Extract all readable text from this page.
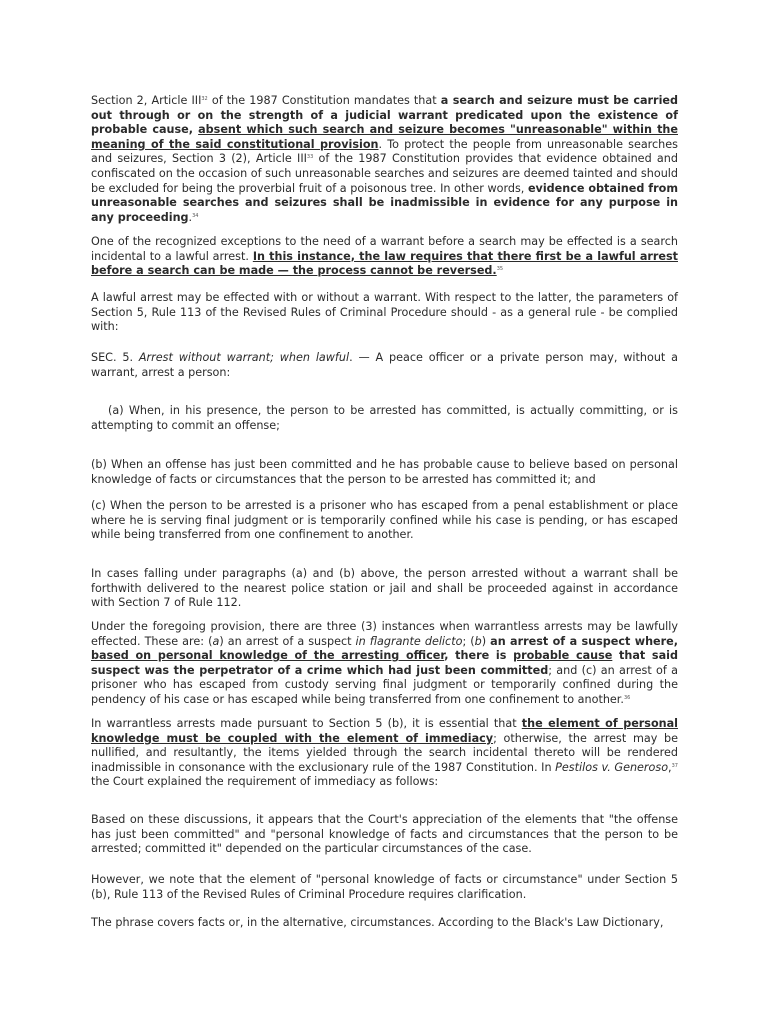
Section 2, Article III$^{32}$ of the 1987 Constitution mandates that a search and seizure must be carried out through or on the strength of a judicial warrant predicated upon the existence of probable cause, absent which such search and seizure becomes "unreasonable" within the meaning of the said constitutional provision. To protect the people from unreasonable searches and seizures, Section 3 (2), Article III$^{33}$ of the 1987 Constitution provides that evidence obtained and confiscated on the occasion of such unreasonable searches and seizures are deemed tainted and should be excluded for being the proverbial fruit of a poisonous tree. In other words, evidence obtained from unreasonable searches and seizures shall be inadmissible in evidence for any purpose in any proceeding.$^{34}$

One of the recognized exceptions to the need of a warrant before a search may be effected is a search incidental to a lawful arrest. In this instance, the law requires that there first be a lawful arrest before a search can be made — the process cannot be reversed.$^{35}$

A lawful arrest may be effected with or without a warrant. With respect to the latter, the parameters of Section 5, Rule 113 of the Revised Rules of Criminal Procedure should - as a general rule - be complied with:

SEC. 5. Arrest without warrant; when lawful. — A peace officer or a private person may, without a warrant, arrest a person:

(a) When, in his presence, the person to be arrested has committed, is actually committing, or is attempting to commit an offense;

(b) When an offense has just been committed and he has probable cause to believe based on personal knowledge of facts or circumstances that the person to be arrested has committed it; and

(c) When the person to be arrested is a prisoner who has escaped from a penal establishment or place where he is serving final judgment or is temporarily confined while his case is pending, or has escaped while being transferred from one confinement to another.

In cases falling under paragraphs (a) and (b) above, the person arrested without a warrant shall be forthwith delivered to the nearest police station or jail and shall be proceeded against in accordance with Section 7 of Rule 112.

Under the foregoing provision, there are three (3) instances when warrantless arrests may be lawfully effected. These are: (a) an arrest of a suspect in flagrante delicto; (b) an arrest of a suspect where, based on personal knowledge of the arresting officer, there is probable cause that said suspect was the perpetrator of a crime which had just been committed; and (c) an arrest of a prisoner who has escaped from custody serving final judgment or temporarily confined during the pendency of his case or has escaped while being transferred from one confinement to another.$^{36}$

In warrantless arrests made pursuant to Section 5 (b), it is essential that the element of personal knowledge must be coupled with the element of immediacy; otherwise, the arrest may be nullified, and resultantly, the items yielded through the search incidental thereto will be rendered inadmissible in consonance with the exclusionary rule of the 1987 Constitution. In Pestilos v. Generoso,$^{37}$ the Court explained the requirement of immediacy as follows:

Based on these discussions, it appears that the Court's appreciation of the elements that "the offense has just been committed" and "personal knowledge of facts and circumstances that the person to be arrested; committed it" depended on the particular circumstances of the case.

However, we note that the element of "personal knowledge of facts or circumstance" under Section 5 (b), Rule 113 of the Revised Rules of Criminal Procedure requires clarification.

The phrase covers facts or, in the alternative, circumstances. According to the Black's Law Dictionary,
